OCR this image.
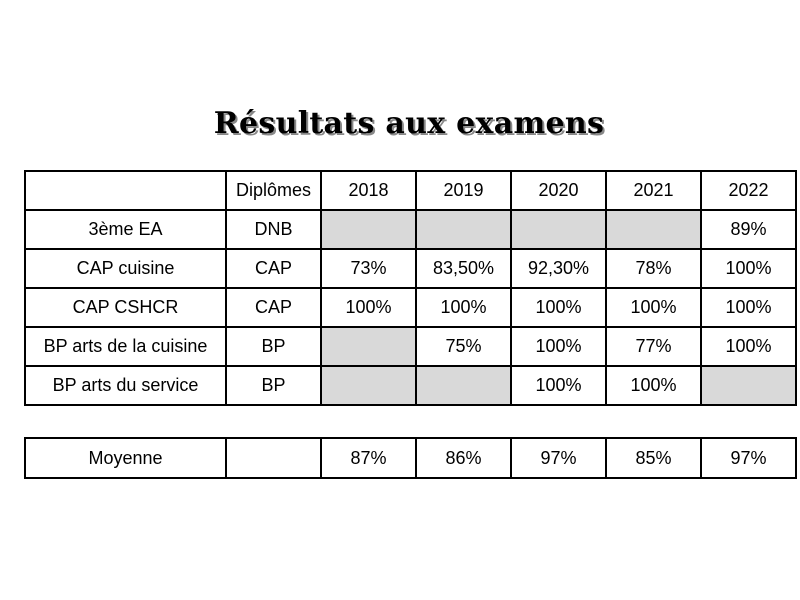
Résultats aux examens
	Diplômes	2018	2019	2020	2021	2022
3ème EA	DNB					89%
CAP cuisine	CAP	73%	83,50%	92,30%	78%	100%
CAP CSHCR	CAP	100%	100%	100%	100%	100%
BP arts de la cuisine	BP		75%	100%	77%	100%
BP arts du service	BP			100%	100%	
Moyenne		87%	86%	97%	85%	97%
